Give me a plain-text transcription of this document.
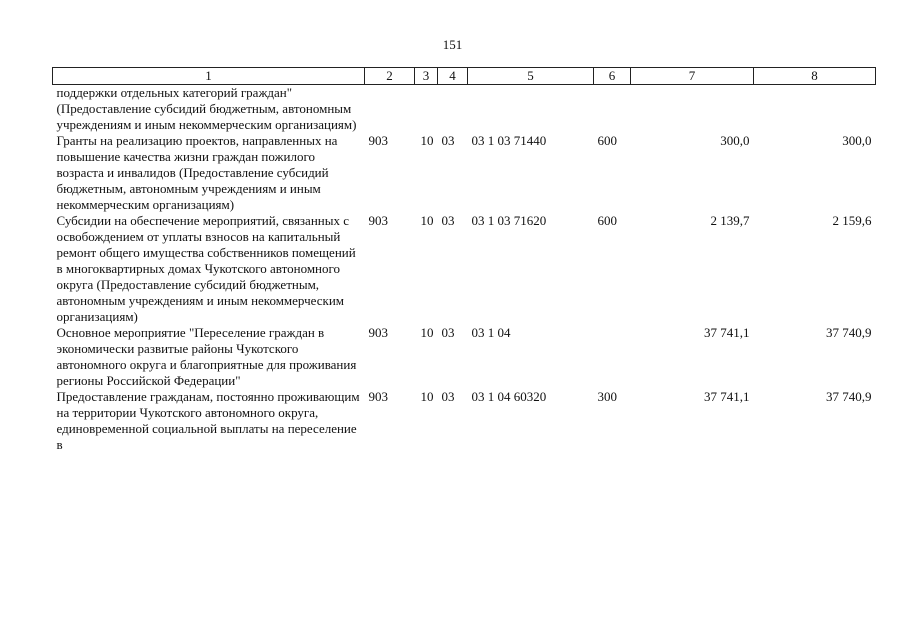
151
1	2	3	4	5	6	7	8
поддержки отдельных категорий граждан" (Предоставление субсидий бюджетным, автономным учреждениям и иным некоммерческим организациям)							
Гранты на реализацию проектов, направленных на повышение качества жизни граждан пожилого возраста и инвалидов (Предоставление субсидий бюджетным, автономным учреждениям и иным некоммерческим организациям)	903	10	03	03 1 03 71440	600	300,0	300,0
Субсидии на обеспечение мероприятий, связанных с освобождением от уплаты взносов на капитальный ремонт общего имущества собственников помещений в многоквартирных домах Чукотского автономного округа (Предоставление субсидий бюджетным, автономным учреждениям и иным некоммерческим организациям)	903	10	03	03 1 03 71620	600	2 139,7	2 159,6
Основное мероприятие "Переселение граждан в экономически развитые районы Чукотского автономного округа и благоприятные для проживания регионы Российской Федерации"	903	10	03	03 1 04		37 741,1	37 740,9
Предоставление гражданам, постоянно проживающим на территории Чукотского автономного округа, единовременной социальной выплаты на переселение в	903	10	03	03 1 04 60320	300	37 741,1	37 740,9
